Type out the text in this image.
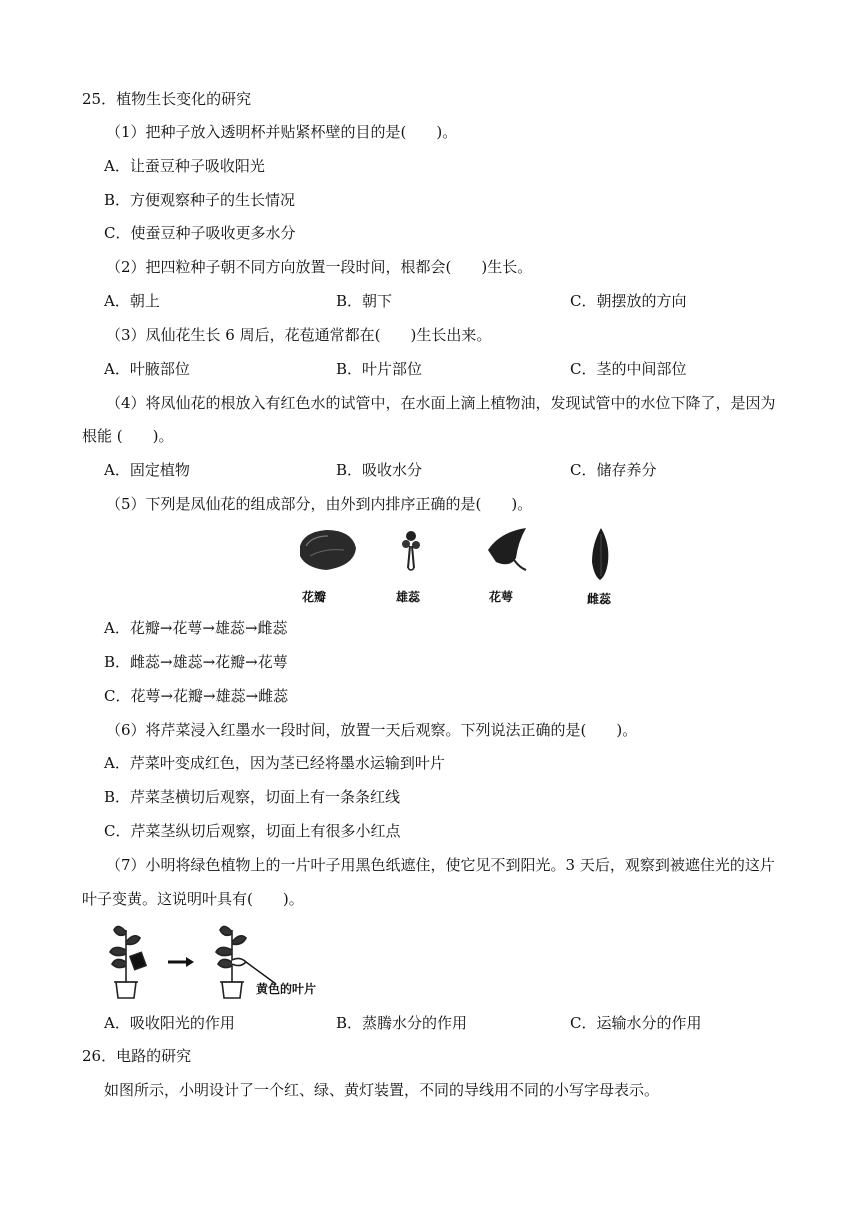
25．植物生长变化的研究
（1）把种子放入透明杯并贴紧杯壁的目的是(　　)。
A．让蚕豆种子吸收阳光
B．方便观察种子的生长情况
C．使蚕豆种子吸收更多水分
（2）把四粒种子朝不同方向放置一段时间，根都会(　　)生长。
A．朝上	B．朝下	C．朝摆放的方向
（3）凤仙花生长 6 周后，花苞通常都在(　　)生长出来。
A．叶腋部位	B．叶片部位	C．茎的中间部位
（4）将凤仙花的根放入有红色水的试管中，在水面上滴上植物油，发现试管中的水位下降了，是因为
根能 (　　)。
A．固定植物	B．吸收水分	C．储存养分
（5）下列是凤仙花的组成部分，由外到内排序正确的是(　　)。
花瓣	雄蕊	花萼	雌蕊
A．花瓣→花萼→雄蕊→雌蕊
B．雌蕊→雄蕊→花瓣→花萼
C．花萼→花瓣→雄蕊→雌蕊
（6）将芹菜浸入红墨水一段时间，放置一天后观察。下列说法正确的是(　　)。
A．芹菜叶变成红色，因为茎已经将墨水运输到叶片
B．芹菜茎横切后观察，切面上有一条条红线
C．芹菜茎纵切后观察，切面上有很多小红点
（7）小明将绿色植物上的一片叶子用黑色纸遮住，使它见不到阳光。3 天后，观察到被遮住光的这片
叶子变黄。这说明叶具有(　　)。
黄色的叶片
A．吸收阳光的作用	B．蒸腾水分的作用	C．运输水分的作用
26．电路的研究
如图所示，小明设计了一个红、绿、黄灯装置，不同的导线用不同的小写字母表示。
